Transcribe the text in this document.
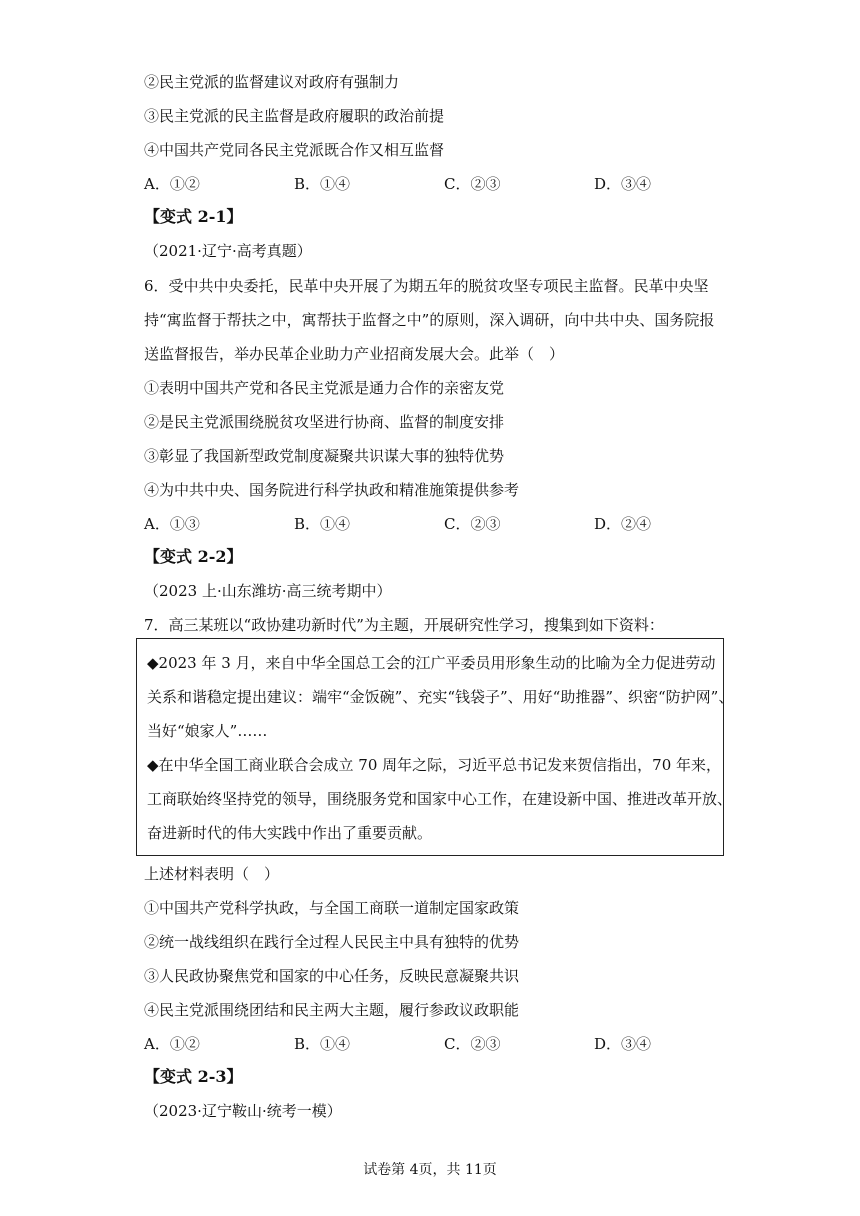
②民主党派的监督建议对政府有强制力
③民主党派的民主监督是政府履职的政治前提
④中国共产党同各民主党派既合作又相互监督
A．①②	B．①④	C．②③	D．③④
【变式 2-1】
（2021·辽宁·高考真题）
6．受中共中央委托，民革中央开展了为期五年的脱贫攻坚专项民主监督。民革中央坚
持“寓监督于帮扶之中，寓帮扶于监督之中”的原则，深入调研，向中共中央、国务院报
送监督报告，举办民革企业助力产业招商发展大会。此举（　）
①表明中国共产党和各民主党派是通力合作的亲密友党
②是民主党派围绕脱贫攻坚进行协商、监督的制度安排
③彰显了我国新型政党制度凝聚共识谋大事的独特优势
④为中共中央、国务院进行科学执政和精准施策提供参考
A．①③	B．①④	C．②③	D．②④
【变式 2-2】
（2023 上·山东潍坊·高三统考期中）
7．高三某班以“政协建功新时代”为主题，开展研究性学习，搜集到如下资料：
◆2023 年 3 月，来自中华全国总工会的江广平委员用形象生动的比喻为全力促进劳动
关系和谐稳定提出建议：端牢“金饭碗”、充实“钱袋子”、用好“助推器”、织密“防护网”、
当好“娘家人”……
◆在中华全国工商业联合会成立 70 周年之际，习近平总书记发来贺信指出，70 年来，
工商联始终坚持党的领导，围绕服务党和国家中心工作，在建设新中国、推进改革开放、
奋进新时代的伟大实践中作出了重要贡献。
上述材料表明（　）
①中国共产党科学执政，与全国工商联一道制定国家政策
②统一战线组织在践行全过程人民民主中具有独特的优势
③人民政协聚焦党和国家的中心任务，反映民意凝聚共识
④民主党派围绕团结和民主两大主题，履行参政议政职能
A．①②	B．①④	C．②③	D．③④
【变式 2-3】
（2023·辽宁鞍山·统考一模）
试卷第 4页，共 11页
